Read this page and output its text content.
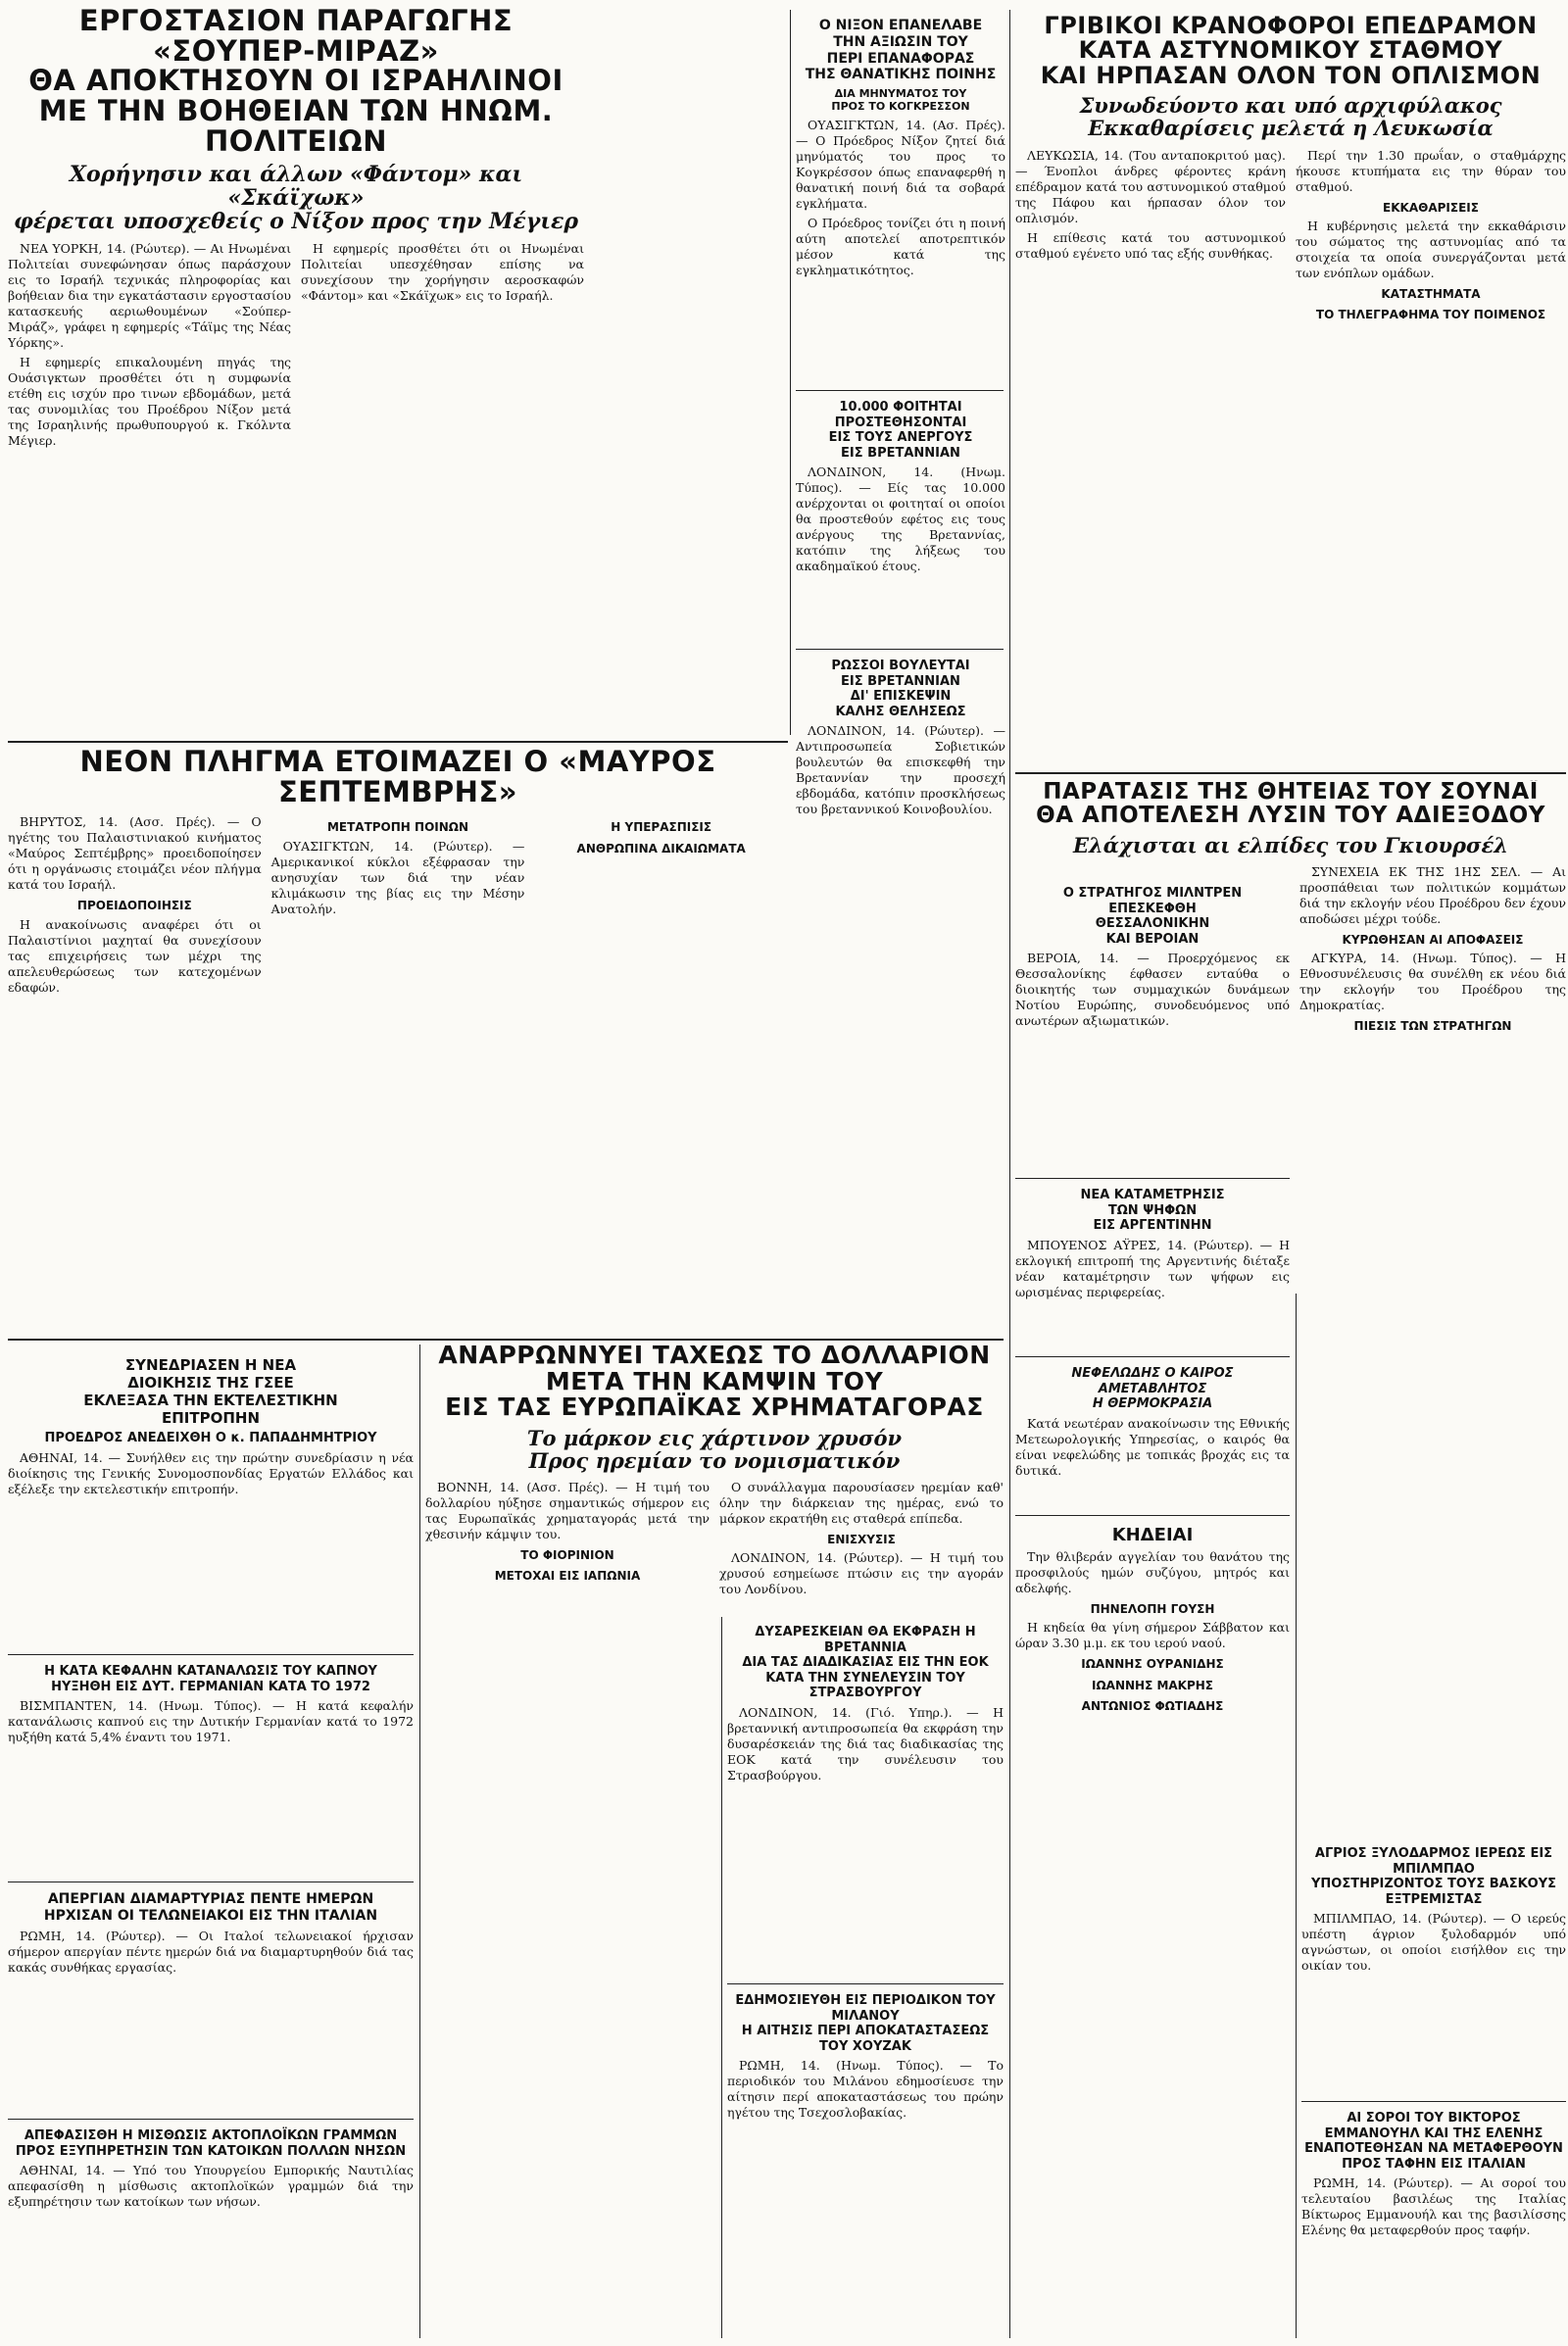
ΕΡΓΟΣΤΑΣΙΟΝ ΠΑΡΑΓΩΓΗΣ «ΣΟΥΠΕΡ-ΜΙΡΑΖ»
ΘΑ ΑΠΟΚΤΗΣΟΥΝ ΟΙ ΙΣΡΑΗΛΙΝΟΙ
ΜΕ ΤΗΝ ΒΟΗΘΕΙΑΝ ΤΩΝ ΗΝΩΜ. ΠΟΛΙΤΕΙΩΝ
Χορήγησιν και άλλων «Φάντομ» και «Σκάϊχωκ»
φέρεται υποσχεθείς ο Νίξον προς την Μέγιερ

ΝΕΑ ΥΟΡΚΗ, 14. (Ρώυτερ). — Αι Ηνωμέναι Πολιτείαι συνεφώνησαν όπως παράσχουν εις το Ισραήλ τεχνικάς πληροφορίας και βοήθειαν δια την εγκατάστασιν εργοστασίου κατασκευής αεριωθουμένων «Σούπερ-Μιράζ», γράφει η εφημερίς «Τάϊμς της Νέας Υόρκης».

Η εφημερίς επικαλουμένη πηγάς της Ουάσιγκτων προσθέτει ότι η συμφωνία ετέθη εις ισχύν προ τινων εβδομάδων, μετά τας συνομιλίας του Προέδρου Νίξον μετά της Ισραηλινής πρωθυπουργού κ. Γκόλντα Μέγιερ.

Η εφημερίς προσθέτει ότι οι Ηνωμέναι Πολιτείαι υπεσχέθησαν επίσης να συνεχίσουν την χορήγησιν αεροσκαφών «Φάντομ» και «Σκάϊχωκ» εις το Ισραήλ.

Ο ΝΙΞΟΝ ΕΠΑΝΕΛΑΒΕ
ΤΗΝ ΑΞΙΩΣΙΝ ΤΟΥ
ΠΕΡΙ ΕΠΑΝΑΦΟΡΑΣ
ΤΗΣ ΘΑΝΑΤΙΚΗΣ ΠΟΙΝΗΣ
ΔΙΑ ΜΗΝΥΜΑΤΟΣ ΤΟΥ
ΠΡΟΣ ΤΟ ΚΟΓΚΡΕΣΣΟΝ

ΟΥΑΣΙΓΚΤΩΝ, 14. (Ασ. Πρές). — Ο Πρόεδρος Νίξον ζητεί διά μηνύματός του προς το Κογκρέσσον όπως επαναφερθή η θανατική ποινή διά τα σοβαρά εγκλήματα.

Ο Πρόεδρος τονίζει ότι η ποινή αύτη αποτελεί αποτρεπτικόν μέσον κατά της εγκληματικότητος.

10.000 ΦΟΙΤΗΤΑΙ
ΠΡΟΣΤΕΘΗΣΟΝΤΑΙ
ΕΙΣ ΤΟΥΣ ΑΝΕΡΓΟΥΣ
ΕΙΣ ΒΡΕΤΑΝΝΙΑΝ

ΛΟΝΔΙΝΟΝ, 14. (Ηνωμ. Τύπος). — Είς τας 10.000 ανέρχονται οι φοιτηταί οι οποίοι θα προστεθούν εφέτος εις τους ανέργους της Βρεταννίας, κατόπιν της λήξεως του ακαδημαϊκού έτους.

ΡΩΣΣΟΙ ΒΟΥΛΕΥΤΑΙ
ΕΙΣ ΒΡΕΤΑΝΝΙΑΝ
ΔΙ' ΕΠΙΣΚΕΨΙΝ
ΚΑΛΗΣ ΘΕΛΗΣΕΩΣ

ΛΟΝΔΙΝΟΝ, 14. (Ρώυτερ). — Αντιπροσωπεία Σοβιετικών βουλευτών θα επισκεφθή την Βρεταννίαν την προσεχή εβδομάδα, κατόπιν προσκλήσεως του βρεταννικού Κοινοβουλίου.

ΓΡΙΒΙΚΟΙ ΚΡΑΝΟΦΟΡΟΙ ΕΠΕΔΡΑΜΟΝ
ΚΑΤΑ ΑΣΤΥΝΟΜΙΚΟΥ ΣΤΑΘΜΟΥ
ΚΑΙ ΗΡΠΑΣΑΝ ΟΛΟΝ ΤΟΝ ΟΠΛΙΣΜΟΝ
Συνωδεύοντο και υπό αρχιφύλακος
Εκκαθαρίσεις μελετά η Λευκωσία

ΛΕΥΚΩΣΙΑ, 14. (Του ανταποκριτού μας). — Ένοπλοι άνδρες φέροντες κράνη επέδραμον κατά του αστυνομικού σταθμού της Πάφου και ήρπασαν όλον τον οπλισμόν.

Η επίθεσις κατά του αστυνομικού σταθμού εγένετο υπό τας εξής συνθήκας.

Περί την 1.30 πρωΐαν, ο σταθμάρχης ήκουσε κτυπήματα εις την θύραν του σταθμού.

ΕΚΚΑΘΑΡΙΣΕΙΣ

Η κυβέρνησις μελετά την εκκαθάρισιν του σώματος της αστυνομίας από τα στοιχεία τα οποία συνεργάζονται μετά των ενόπλων ομάδων.

ΚΑΤΑΣΤΗΜΑΤΑ
ΤΟ ΤΗΛΕΓΡΑΦΗΜΑ ΤΟΥ ΠΟΙΜΕΝΟΣ
ΝΕΟΝ ΠΛΗΓΜΑ ΕΤΟΙΜΑΖΕΙ Ο «ΜΑΥΡΟΣ ΣΕΠΤΕΜΒΡΗΣ»

ΒΗΡΥΤΟΣ, 14. (Ασσ. Πρές). — Ο ηγέτης του Παλαιστινιακού κινήματος «Μαύρος Σεπτέμβρης» προειδοποίησεν ότι η οργάνωσις ετοιμάζει νέον πλήγμα κατά του Ισραήλ.

ΠΡΟΕΙΔΟΠΟΙΗΣΙΣ

Η ανακοίνωσις αναφέρει ότι οι Παλαιστίνιοι μαχηταί θα συνεχίσουν τας επιχειρήσεις των μέχρι της απελευθερώσεως των κατεχομένων εδαφών.

ΜΕΤΑΤΡΟΠΗ ΠΟΙΝΩΝ

ΟΥΑΣΙΓΚΤΩΝ, 14. (Ρώυτερ). — Αμερικανικοί κύκλοι εξέφρασαν την ανησυχίαν των διά την νέαν κλιμάκωσιν της βίας εις την Μέσην Ανατολήν.

Η ΥΠΕΡΑΣΠΙΣΙΣ
ΑΝΘΡΩΠΙΝΑ ΔΙΚΑΙΩΜΑΤΑ
ΠΑΡΑΤΑΣΙΣ ΤΗΣ ΘΗΤΕΙΑΣ ΤΟΥ ΣΟΥΝΑΪ
ΘΑ ΑΠΟΤΕΛΕΣΗ ΛΥΣΙΝ ΤΟΥ ΑΔΙΕΞΟΔΟΥ
Ελάχισται αι ελπίδες του Γκιουρσέλ

ΣΥΝΕΧΕΙΑ ΕΚ ΤΗΣ 1ΗΣ ΣΕΛ. — Αι προσπάθειαι των πολιτικών κομμάτων διά την εκλογήν νέου Προέδρου δεν έχουν αποδώσει μέχρι τούδε.

ΚΥΡΩΘΗΣΑΝ ΑΙ ΑΠΟΦΑΣΕΙΣ

ΑΓΚΥΡΑ, 14. (Ηνωμ. Τύπος). — Η Εθνοσυνέλευσις θα συνέλθη εκ νέου διά την εκλογήν του Προέδρου της Δημοκρατίας.

ΠΙΕΣΙΣ ΤΩΝ ΣΤΡΑΤΗΓΩΝ
Ο ΣΤΡΑΤΗΓΟΣ ΜΙΛΝΤΡΕΝ
ΕΠΕΣΚΕΦΘΗ
ΘΕΣΣΑΛΟΝΙΚΗΝ
ΚΑΙ ΒΕΡΟΙΑΝ

ΒΕΡΟΙΑ, 14. — Προερχόμενος εκ Θεσσαλονίκης έφθασεν ενταύθα ο διοικητής των συμμαχικών δυνάμεων Νοτίου Ευρώπης, συνοδευόμενος υπό ανωτέρων αξιωματικών.

ΝΕΑ ΚΑΤΑΜΕΤΡΗΣΙΣ
ΤΩΝ ΨΗΦΩΝ
ΕΙΣ ΑΡΓΕΝΤΙΝΗΝ

ΜΠΟΥΕΝΟΣ ΑΫΡΕΣ, 14. (Ρώυτερ). — Η εκλογική επιτροπή της Αργεντινής διέταξε νέαν καταμέτρησιν των ψήφων εις ωρισμένας περιφερείας.

ΝΕΦΕΛΩΔΗΣ Ο ΚΑΙΡΟΣ
ΑΜΕΤΑΒΛΗΤΟΣ
Η ΘΕΡΜΟΚΡΑΣΙΑ

Κατά νεωτέραν ανακοίνωσιν της Εθνικής Μετεωρολογικής Υπηρεσίας, ο καιρός θα είναι νεφελώδης με τοπικάς βροχάς εις τα δυτικά.

ΚΗΔΕΙΑΙ

Την θλιβεράν αγγελίαν του θανάτου της προσφιλούς ημών συζύγου, μητρός και αδελφής.

ΠΗΝΕΛΟΠΗ ΓΟΥΣΗ

Η κηδεία θα γίνη σήμερον Σάββατον και ώραν 3.30 μ.μ. εκ του ιερού ναού.

ΙΩΑΝΝΗΣ ΟΥΡΑΝΙΔΗΣ
ΙΩΑΝΝΗΣ ΜΑΚΡΗΣ
ΑΝΤΩΝΙΟΣ ΦΩΤΙΑΔΗΣ
ΣΥΝΕΔΡΙΑΣΕΝ Η ΝΕΑ
ΔΙΟΙΚΗΣΙΣ ΤΗΣ ΓΣΕΕ
ΕΚΛΕΞΑΣΑ ΤΗΝ ΕΚΤΕΛΕΣΤΙΚΗΝ
ΕΠΙΤΡΟΠΗΝ
ΠΡΟΕΔΡΟΣ ΑΝΕΔΕΙΧΘΗ Ο κ. ΠΑΠΑΔΗΜΗΤΡΙΟΥ

ΑΘΗΝΑΙ, 14. — Συνήλθεν εις την πρώτην συνεδρίασιν η νέα διοίκησις της Γενικής Συνομοσπονδίας Εργατών Ελλάδος και εξέλεξε την εκτελεστικήν επιτροπήν.

Η ΚΑΤΑ ΚΕΦΑΛΗΝ ΚΑΤΑΝΑΛΩΣΙΣ ΤΟΥ ΚΑΠΝΟΥ
ΗΥΞΗΘΗ ΕΙΣ ΔΥΤ. ΓΕΡΜΑΝΙΑΝ ΚΑΤΑ ΤΟ 1972

ΒΙΣΜΠΑΝΤΕΝ, 14. (Ηνωμ. Τύπος). — Η κατά κεφαλήν κατανάλωσις καπνού εις την Δυτικήν Γερμανίαν κατά το 1972 ηυξήθη κατά 5,4% έναντι του 1971.

ΑΠΕΡΓΙΑΝ ΔΙΑΜΑΡΤΥΡΙΑΣ ΠΕΝΤΕ ΗΜΕΡΩΝ
ΗΡΧΙΣΑΝ ΟΙ ΤΕΛΩΝΕΙΑΚΟΙ ΕΙΣ ΤΗΝ ΙΤΑΛΙΑΝ

ΡΩΜΗ, 14. (Ρώυτερ). — Οι Ιταλοί τελωνειακοί ήρχισαν σήμερον απεργίαν πέντε ημερών διά να διαμαρτυρηθούν διά τας κακάς συνθήκας εργασίας.

ΑΠΕΦΑΣΙΣΘΗ Η ΜΙΣΘΩΣΙΣ ΑΚΤΟΠΛΟΪΚΩΝ ΓΡΑΜΜΩΝ
ΠΡΟΣ ΕΞΥΠΗΡΕΤΗΣΙΝ ΤΩΝ ΚΑΤΟΙΚΩΝ ΠΟΛΛΩΝ ΝΗΣΩΝ

ΑΘΗΝΑΙ, 14. — Υπό του Υπουργείου Εμπορικής Ναυτιλίας απεφασίσθη η μίσθωσις ακτοπλοϊκών γραμμών διά την εξυπηρέτησιν των κατοίκων των νήσων.

ΑΝΑΡΡΩΝΝΥΕΙ ΤΑΧΕΩΣ ΤΟ ΔΟΛΛΑΡΙΟΝ
ΜΕΤΑ ΤΗΝ ΚΑΜΨΙΝ ΤΟΥ
ΕΙΣ ΤΑΣ ΕΥΡΩΠΑΪΚΑΣ ΧΡΗΜΑΤΑΓΟΡΑΣ
Το μάρκον εις χάρτινον χρυσόν
Προς ηρεμίαν το νομισματικόν

ΒΟΝΝΗ, 14. (Ασσ. Πρές). — Η τιμή του δολλαρίου ηύξησε σημαντικώς σήμερον εις τας Ευρωπαϊκάς χρηματαγοράς μετά την χθεσινήν κάμψιν του.

ΤΟ ΦΙΟΡΙΝΙΟΝ
ΜΕΤΟΧΑΙ ΕΙΣ ΙΑΠΩΝΙΑ

Ο συνάλλαγμα παρουσίασεν ηρεμίαν καθ' όλην την διάρκειαν της ημέρας, ενώ το μάρκον εκρατήθη εις σταθερά επίπεδα.

ΕΝΙΣΧΥΣΙΣ

ΛΟΝΔΙΝΟΝ, 14. (Ρώυτερ). — Η τιμή του χρυσού εσημείωσε πτώσιν εις την αγοράν του Λονδίνου.

ΔΥΣΑΡΕΣΚΕΙΑΝ ΘΑ ΕΚΦΡΑΣΗ Η ΒΡΕΤΑΝΝΙΑ
ΔΙΑ ΤΑΣ ΔΙΑΔΙΚΑΣΙΑΣ ΕΙΣ ΤΗΝ ΕΟΚ
ΚΑΤΑ ΤΗΝ ΣΥΝΕΛΕΥΣΙΝ ΤΟΥ ΣΤΡΑΣΒΟΥΡΓΟΥ

ΛΟΝΔΙΝΟΝ, 14. (Γιό. Υπηρ.). — Η βρεταννική αντιπροσωπεία θα εκφράση την δυσαρέσκειάν της διά τας διαδικασίας της ΕΟΚ κατά την συνέλευσιν του Στρασβούργου.

ΕΔΗΜΟΣΙΕΥΘΗ ΕΙΣ ΠΕΡΙΟΔΙΚΟΝ ΤΟΥ ΜΙΛΑΝΟΥ
Η ΑΙΤΗΣΙΣ ΠΕΡΙ ΑΠΟΚΑΤΑΣΤΑΣΕΩΣ ΤΟΥ ΧΟΥΖΑΚ

ΡΩΜΗ, 14. (Ηνωμ. Τύπος). — Το περιοδικόν του Μιλάνου εδημοσίευσε την αίτησιν περί αποκαταστάσεως του πρώην ηγέτου της Τσεχοσλοβακίας.

ΑΓΡΙΟΣ ΞΥΛΟΔΑΡΜΟΣ ΙΕΡΕΩΣ ΕΙΣ ΜΠΙΛΜΠΑΟ
ΥΠΟΣΤΗΡΙΖΟΝΤΟΣ ΤΟΥΣ ΒΑΣΚΟΥΣ ΕΞΤΡΕΜΙΣΤΑΣ

ΜΠΙΛΜΠΑΟ, 14. (Ρώυτερ). — Ο ιερεύς υπέστη άγριον ξυλοδαρμόν υπό αγνώστων, οι οποίοι εισήλθον εις την οικίαν του.

ΑΙ ΣΟΡΟΙ ΤΟΥ ΒΙΚΤΟΡΟΣ ΕΜΜΑΝΟΥΗΛ ΚΑΙ ΤΗΣ ΕΛΕΝΗΣ
ΕΝΑΠΟΤΕΘΗΣΑΝ ΝΑ ΜΕΤΑΦΕΡΘΟΥΝ ΠΡΟΣ ΤΑΦΗΝ ΕΙΣ ΙΤΑΛΙΑΝ

ΡΩΜΗ, 14. (Ρώυτερ). — Αι σοροί του τελευταίου βασιλέως της Ιταλίας Βίκτωρος Εμμανουήλ και της βασιλίσσης Ελένης θα μεταφερθούν προς ταφήν.
